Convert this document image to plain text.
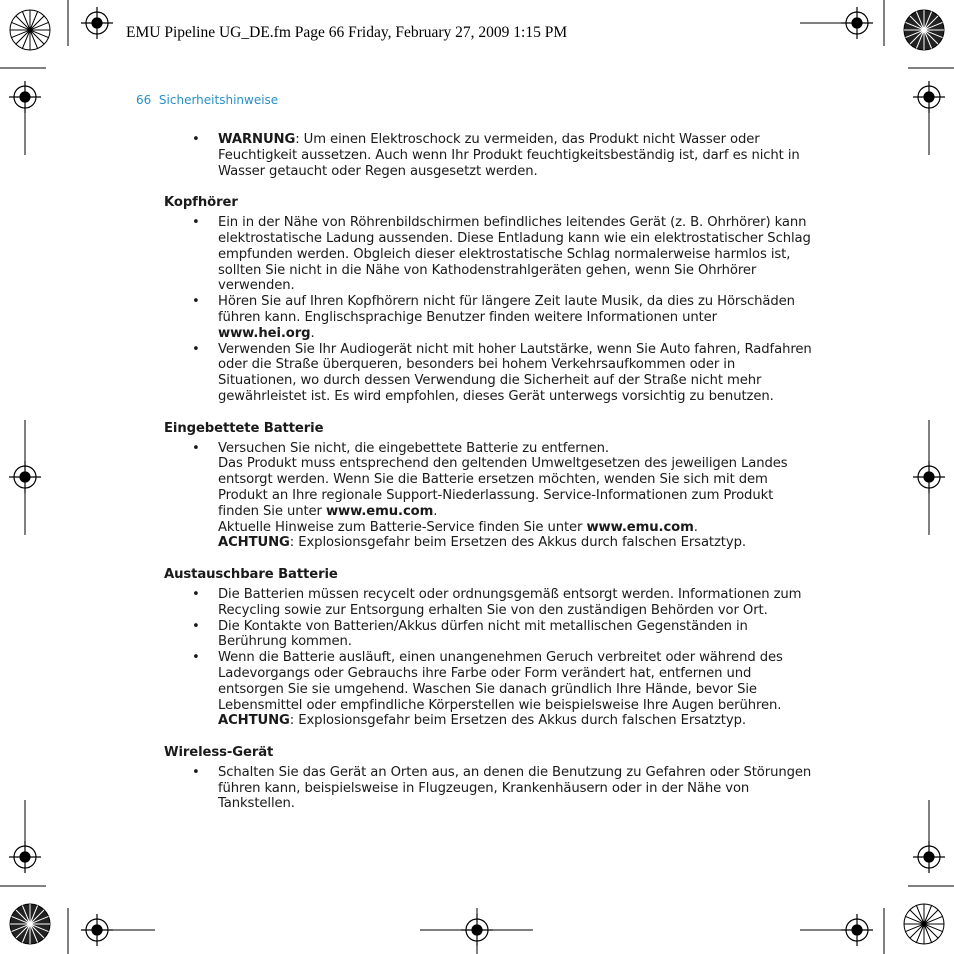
EMU Pipeline UG_DE.fm Page 66 Friday, February 27, 2009 1:15 PM
66 Sicherheitshinweise
• WARNUNG: Um einen Elektroschock zu vermeiden, das Produkt nicht Wasser oder Feuchtigkeit aussetzen. Auch wenn Ihr Produkt feuchtigkeitsbeständig ist, darf es nicht in Wasser getaucht oder Regen ausgesetzt werden.
Kopfhörer
• Ein in der Nähe von Röhrenbildschirmen befindliches leitendes Gerät (z. B. Ohrhörer) kann elektrostatische Ladung aussenden. Diese Entladung kann wie ein elektrostatischer Schlag empfunden werden. Obgleich dieser elektrostatische Schlag normalerweise harmlos ist, sollten Sie nicht in die Nähe von Kathodenstrahlgeräten gehen, wenn Sie Ohrhörer verwenden.
• Hören Sie auf Ihren Kopfhörern nicht für längere Zeit laute Musik, da dies zu Hörschäden führen kann. Englischsprachige Benutzer finden weitere Informationen unter www.hei.org.
• Verwenden Sie Ihr Audiogerät nicht mit hoher Lautstärke, wenn Sie Auto fahren, Radfahren oder die Straße überqueren, besonders bei hohem Verkehrsaufkommen oder in Situationen, wo durch dessen Verwendung die Sicherheit auf der Straße nicht mehr gewährleistet ist. Es wird empfohlen, dieses Gerät unterwegs vorsichtig zu benutzen.
Eingebettete Batterie
• Versuchen Sie nicht, die eingebettete Batterie zu entfernen.
Das Produkt muss entsprechend den geltenden Umweltgesetzen des jeweiligen Landes entsorgt werden. Wenn Sie die Batterie ersetzen möchten, wenden Sie sich mit dem Produkt an Ihre regionale Support-Niederlassung. Service-Informationen zum Produkt finden Sie unter www.emu.com.
Aktuelle Hinweise zum Batterie-Service finden Sie unter www.emu.com.
ACHTUNG: Explosionsgefahr beim Ersetzen des Akkus durch falschen Ersatztyp.
Austauschbare Batterie
• Die Batterien müssen recycelt oder ordnungsgemäß entsorgt werden. Informationen zum Recycling sowie zur Entsorgung erhalten Sie von den zuständigen Behörden vor Ort.
• Die Kontakte von Batterien/Akkus dürfen nicht mit metallischen Gegenständen in Berührung kommen.
• Wenn die Batterie ausläuft, einen unangenehmen Geruch verbreitet oder während des Ladevorgangs oder Gebrauchs ihre Farbe oder Form verändert hat, entfernen und entsorgen Sie sie umgehend. Waschen Sie danach gründlich Ihre Hände, bevor Sie Lebensmittel oder empfindliche Körperstellen wie beispielsweise Ihre Augen berühren.
ACHTUNG: Explosionsgefahr beim Ersetzen des Akkus durch falschen Ersatztyp.
Wireless-Gerät
• Schalten Sie das Gerät an Orten aus, an denen die Benutzung zu Gefahren oder Störungen führen kann, beispielsweise in Flugzeugen, Krankenhäusern oder in der Nähe von Tankstellen.
